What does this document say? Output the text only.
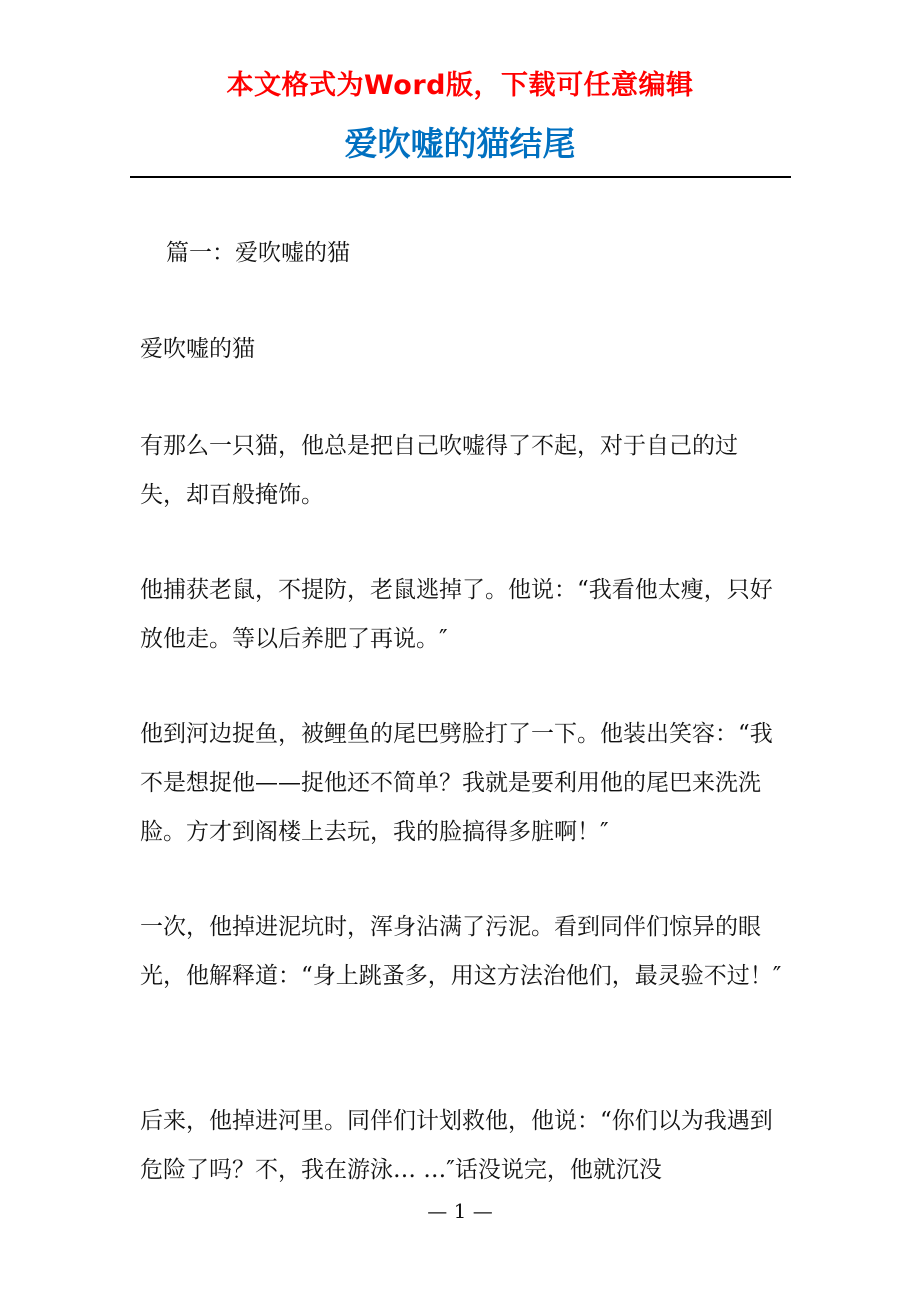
本文格式为Word版，下载可任意编辑
爱吹嘘的猫结尾

篇一：爱吹嘘的猫

爱吹嘘的猫

有那么一只猫，他总是把自己吹嘘得了不起，对于自己的过失，却百般掩饰。

他捕获老鼠，不提防，老鼠逃掉了。他说：“我看他太瘦，只好放他走。等以后养肥了再说。″

他到河边捉鱼，被鲤鱼的尾巴劈脸打了一下。他装出笑容：“我不是想捉他——捉他还不简单？我就是要利用他的尾巴来洗洗脸。方才到阁楼上去玩，我的脸搞得多脏啊！″

一次，他掉进泥坑时，浑身沾满了污泥。看到同伴们惊异的眼光，他解释道：“身上跳蚤多，用这方法治他们，最灵验不过！″

后来，他掉进河里。同伴们计划救他，他说：“你们以为我遇到危险了吗？不，我在游泳… …″话没说完，他就沉没

— 1 —
